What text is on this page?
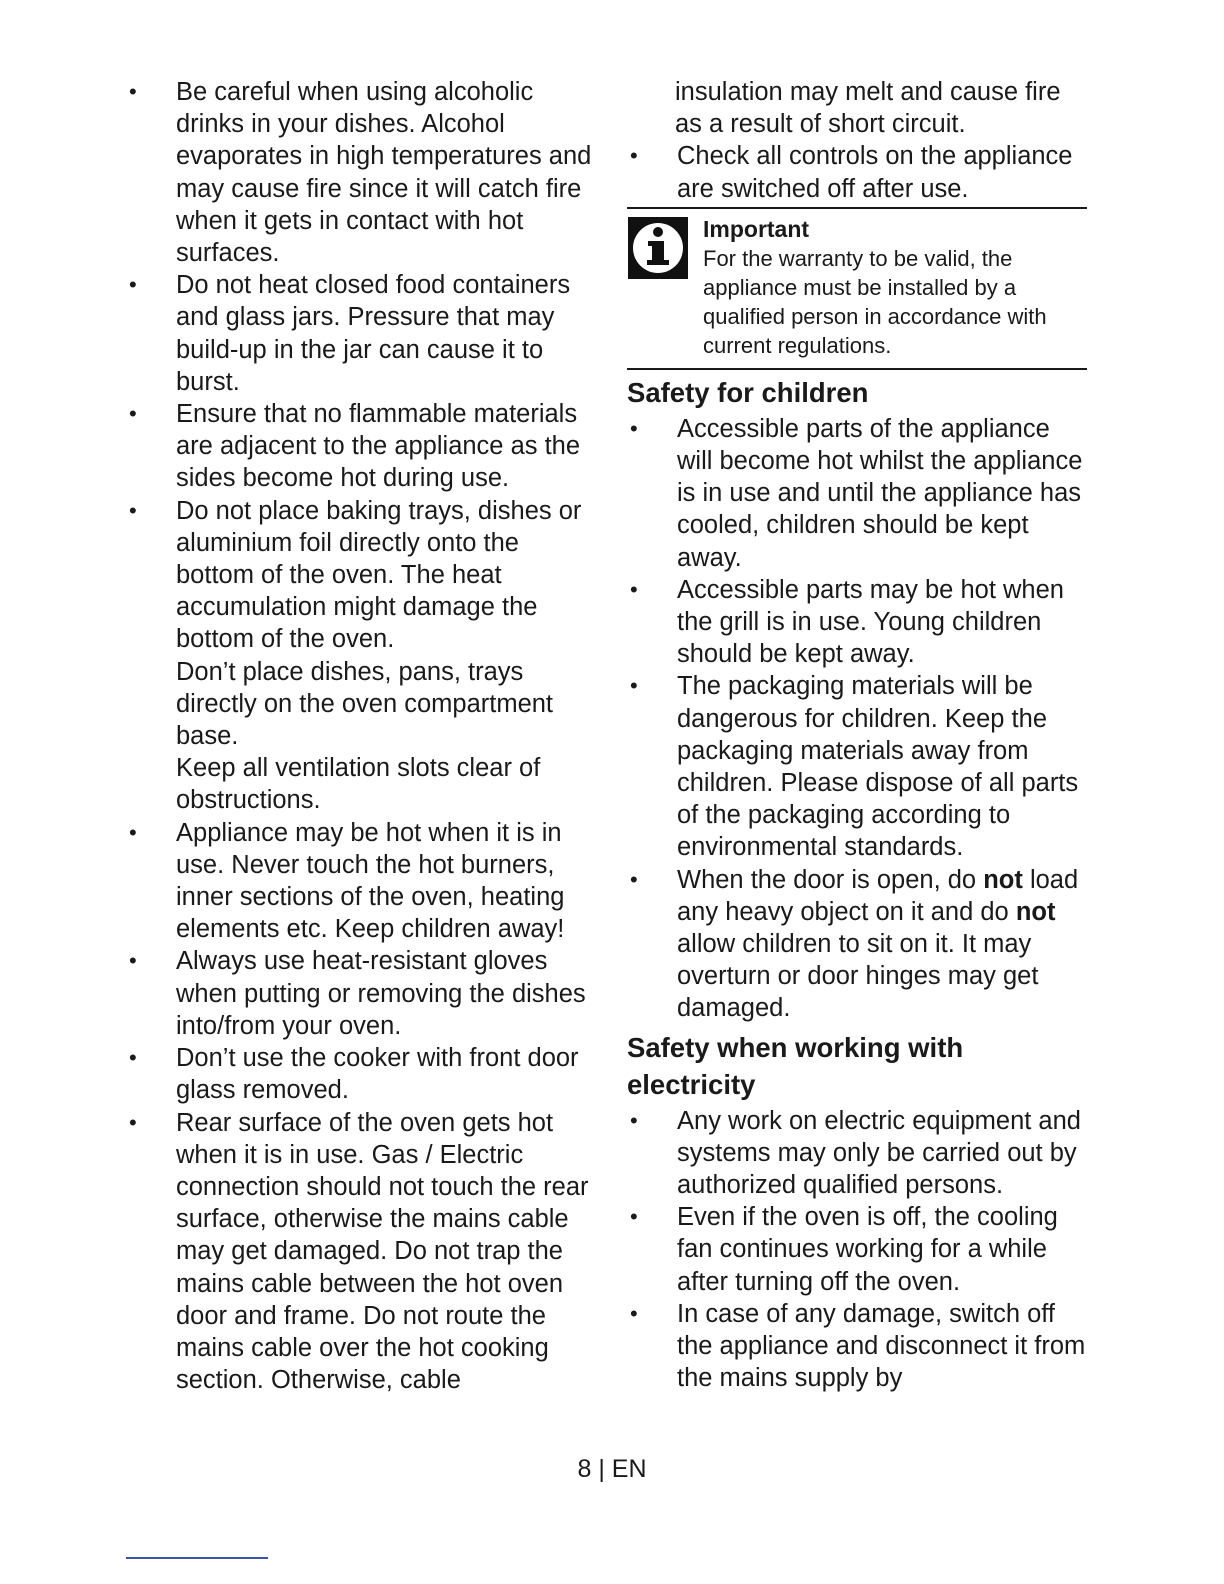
• Be careful when using alcoholic drinks in your dishes. Alcohol evaporates in high temperatures and may cause fire since it will catch fire when it gets in contact with hot surfaces.
• Do not heat closed food containers and glass jars. Pressure that may build-up in the jar can cause it to burst.
• Ensure that no flammable materials are adjacent to the appliance as the sides become hot during use.
• Do not place baking trays, dishes or aluminium foil directly onto the bottom of the oven. The heat accumulation might damage the bottom of the oven.
Don’t place dishes, pans, trays directly on the oven compartment base.
Keep all ventilation slots clear of obstructions.
• Appliance may be hot when it is in use. Never touch the hot burners, inner sections of the oven, heating elements etc. Keep children away!
• Always use heat-resistant gloves when putting or removing the dishes into/from your oven.
• Don’t use the cooker with front door glass removed.
• Rear surface of the oven gets hot when it is in use. Gas / Electric connection should not touch the rear surface, otherwise the mains cable may get damaged. Do not trap the mains cable between the hot oven door and frame. Do not route the mains cable over the hot cooking section. Otherwise, cable
insulation may melt and cause fire as a result of short circuit.
• Check all controls on the appliance are switched off after use.
Important
For the warranty to be valid, the appliance must be installed by a qualified person in accordance with current regulations.
Safety for children
• Accessible parts of the appliance will become hot whilst the appliance is in use and until the appliance has cooled, children should be kept away.
• Accessible parts may be hot when the grill is in use. Young children should be kept away.
• The packaging materials will be dangerous for children. Keep the packaging materials away from children. Please dispose of all parts of the packaging according to environmental standards.
• When the door is open, do not load any heavy object on it and do not allow children to sit on it. It may overturn or door hinges may get damaged.
Safety when working with electricity
• Any work on electric equipment and systems may only be carried out by authorized qualified persons.
• Even if the oven is off, the cooling fan continues working for a while after turning off the oven.
• In case of any damage, switch off the appliance and disconnect it from the mains supply by
8 | EN
